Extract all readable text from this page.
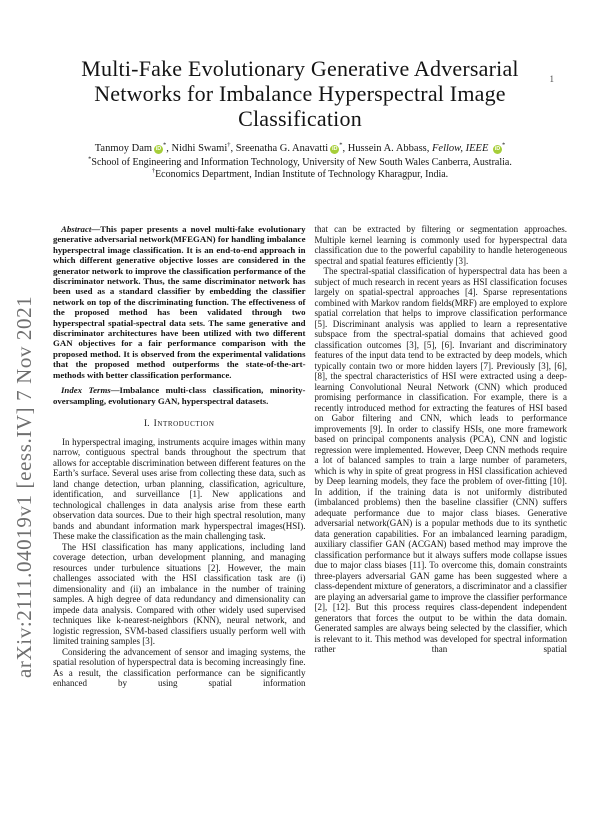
1
arXiv:2111.04019v1 [eess.IV] 7 Nov 2021
Multi-Fake Evolutionary Generative Adversarial Networks for Imbalance Hyperspectral Image Classification
Tanmoy Dam iD*, Nidhi Swami†, Sreenatha G. Anavatti iD*, Hussein A. Abbass, Fellow, IEEE iD*
*School of Engineering and Information Technology, University of New South Wales Canberra, Australia.
†Economics Department, Indian Institute of Technology Kharagpur, India.

Abstract—This paper presents a novel multi-fake evolutionary generative adversarial network(MFEGAN) for handling imbalance hyperspectral image classification. It is an end-to-end approach in which different generative objective losses are considered in the generator network to improve the classification performance of the discriminator network. Thus, the same discriminator network has been used as a standard classifier by embedding the classifier network on top of the discriminating function. The effectiveness of the proposed method has been validated through two hyperspectral spatial-spectral data sets. The same generative and discriminator architectures have been utilized with two different GAN objectives for a fair performance comparison with the proposed method. It is observed from the experimental validations that the proposed method outperforms the state-of-the-art-methods with better classification performance.

Index Terms—Imbalance multi-class classification, minority-oversampling, evolutionary GAN, hyperspectral datasets.

I. Introduction

In hyperspectral imaging, instruments acquire images within many narrow, contiguous spectral bands throughout the spectrum that allows for acceptable discrimination between different features on the Earth’s surface. Several uses arise from collecting these data, such as land change detection, urban planning, classification, agriculture, identification, and surveillance [1]. New applications and technological challenges in data analysis arise from these earth observation data sources. Due to their high spectral resolution, many bands and abundant information mark hyperspectral images(HSI). These make the classification as the main challenging task.

The HSI classification has many applications, including land coverage detection, urban development planning, and managing resources under turbulence situations [2]. However, the main challenges associated with the HSI classification task are (i) dimensionality and (ii) an imbalance in the number of training samples. A high degree of data redundancy and dimensionality can impede data analysis. Compared with other widely used supervised techniques like k-nearest-neighbors (KNN), neural network, and logistic regression, SVM-based classifiers usually perform well with limited training samples [3].

Considering the advancement of sensor and imaging systems, the spatial resolution of hyperspectral data is becoming increasingly fine. As a result, the classification performance can be significantly enhanced by using spatial information

that can be extracted by filtering or segmentation approaches. Multiple kernel learning is commonly used for hyperspectral data classification due to the powerful capability to handle heterogeneous spectral and spatial features efficiently [3].

The spectral-spatial classification of hyperspectral data has been a subject of much research in recent years as HSI classification focuses largely on spatial-spectral approaches [4]. Sparse representations combined with Markov random fields(MRF) are employed to explore spatial correlation that helps to improve classification performance [5]. Discriminant analysis was applied to learn a representative subspace from the spectral-spatial domains that achieved good classification outcomes [3], [5], [6]. Invariant and discriminatory features of the input data tend to be extracted by deep models, which typically contain two or more hidden layers [7]. Previously [3], [6], [8], the spectral characteristics of HSI were extracted using a deep-learning Convolutional Neural Network (CNN) which produced promising performance in classification. For example, there is a recently introduced method for extracting the features of HSI based on Gabor filtering and CNN, which leads to performance improvements [9]. In order to classify HSIs, one more framework based on principal components analysis (PCA), CNN and logistic regression were implemented. However, Deep CNN methods require a lot of balanced samples to train a large number of parameters, which is why in spite of great progress in HSI classification achieved by Deep learning models, they face the problem of over-fitting [10]. In addition, if the training data is not uniformly distributed (imbalanced problems) then the baseline classifier (CNN) suffers adequate performance due to major class biases. Generative adversarial network(GAN) is a popular methods due to its synthetic data generation capabilities. For an imbalanced learning paradigm, auxiliary classifier GAN (ACGAN) based method may improve the classification performance but it always suffers mode collapse issues due to major class biases [11]. To overcome this, domain constraints three-players adversarial GAN game has been suggested where a class-dependent mixture of generators, a discriminator and a classifier are playing an adversarial game to improve the classifier performance [2], [12]. But this process requires class-dependent independent generators that forces the output to be within the data domain. Generated samples are always being selected by the classifier, which is relevant to it. This method was developed for spectral information rather than spatial
